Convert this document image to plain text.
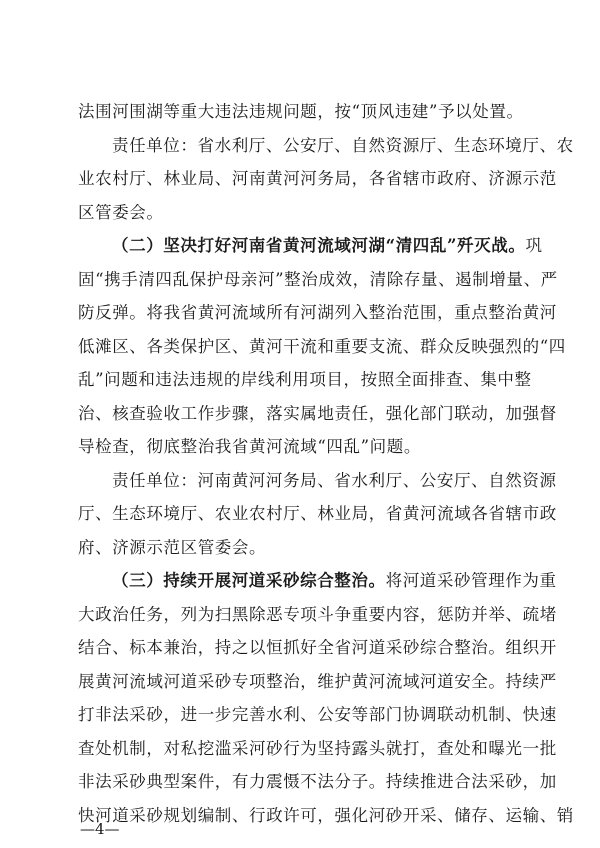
法围河围湖等重大违法违规问题，按“顶风违建”予以处置。
责任单位：省水利厅、公安厅、自然资源厅、生态环境厅、农
业农村厅、林业局、河南黄河河务局，各省辖市政府、济源示范
区管委会。
（二）坚决打好河南省黄河流域河湖“清四乱”歼灭战。巩
固“携手清四乱保护母亲河”整治成效，清除存量、遏制增量、严
防反弹。将我省黄河流域所有河湖列入整治范围，重点整治黄河
低滩区、各类保护区、黄河干流和重要支流、群众反映强烈的“四
乱”问题和违法违规的岸线利用项目，按照全面排查、集中整
治、核查验收工作步骤，落实属地责任，强化部门联动，加强督
导检查，彻底整治我省黄河流域“四乱”问题。
责任单位：河南黄河河务局、省水利厅、公安厅、自然资源
厅、生态环境厅、农业农村厅、林业局，省黄河流域各省辖市政
府、济源示范区管委会。
（三）持续开展河道采砂综合整治。将河道采砂管理作为重
大政治任务，列为扫黑除恶专项斗争重要内容，惩防并举、疏堵
结合、标本兼治，持之以恒抓好全省河道采砂综合整治。组织开
展黄河流域河道采砂专项整治，维护黄河流域河道安全。持续严
打非法采砂，进一步完善水利、公安等部门协调联动机制、快速
查处机制，对私挖滥采河砂行为坚持露头就打，查处和曝光一批
非法采砂典型案件，有力震慑不法分子。持续推进合法采砂，加
快河道采砂规划编制、行政许可，强化河砂开采、储存、运输、销
—4—
